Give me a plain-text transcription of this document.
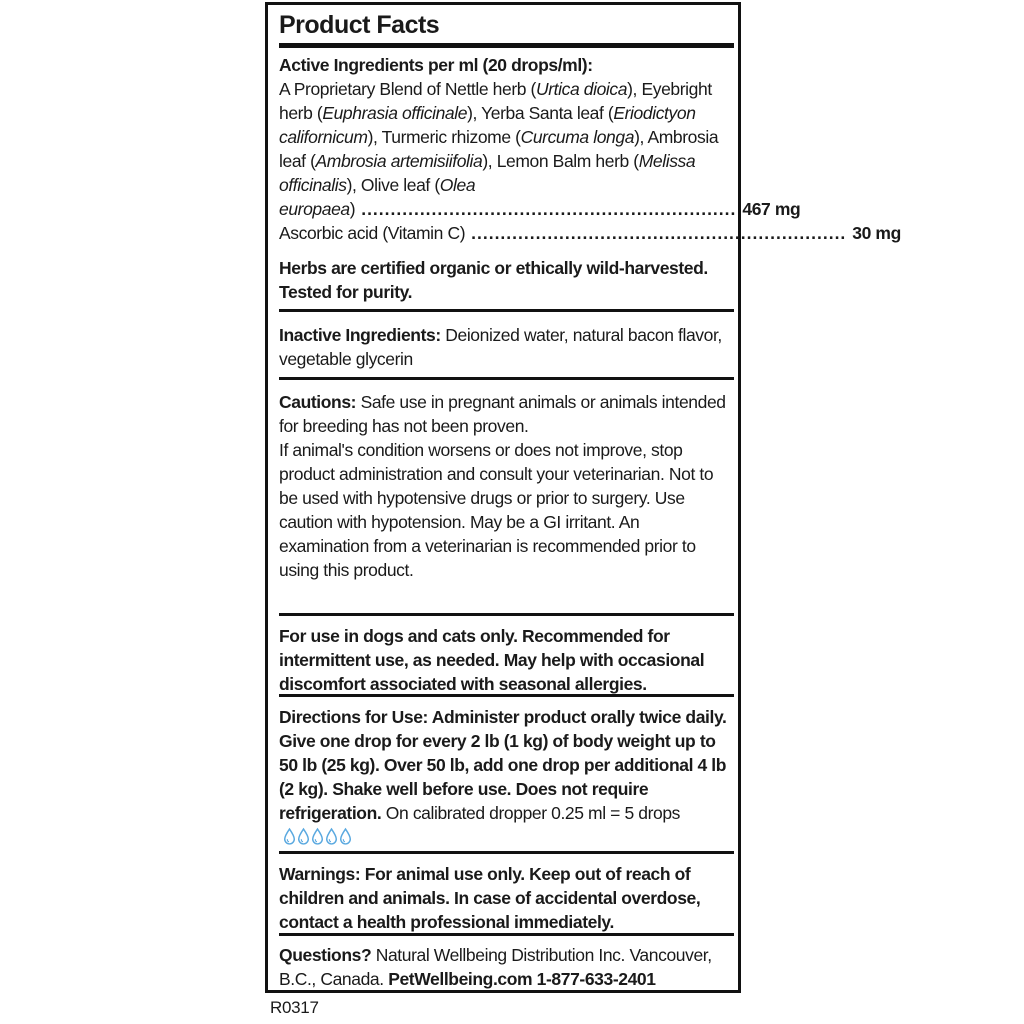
Product Facts

Active Ingredients per ml (20 drops/ml):

A Proprietary Blend of Nettle herb (Urtica dioica), Eyebright herb (Euphrasia officinale), Yerba Santa leaf (Eriodictyon californicum), Turmeric rhizome (Curcuma longa), Ambrosia leaf (Ambrosia artemisiifolia), Lemon Balm herb (Melissa officinalis), Olive leaf (Olea

europaea) ................................................................ 467 mg
Ascorbic acid (Vitamin C) ................................................................ 30 mg

Herbs are certified organic or ethically wild-harvested. Tested for purity.

Inactive Ingredients: Deionized water, natural bacon flavor, vegetable glycerin

Cautions: Safe use in pregnant animals or animals intended for breeding has not been proven.

If animal's condition worsens or does not improve, stop product administration and consult your veterinarian. Not to be used with hypotensive drugs or prior to surgery. Use caution with hypotension. May be a GI irritant. An examination from a veterinarian is recommended prior to using this product.

For use in dogs and cats only. Recommended for intermittent use, as needed. May help with occasional discomfort associated with seasonal allergies.

Directions for Use: Administer product orally twice daily. Give one drop for every 2 lb (1 kg) of body weight up to 50 lb (25 kg). Over 50 lb, add one drop per additional 4 lb (2 kg). Shake well before use. Does not require refrigeration. On calibrated dropper 0.25 ml = 5 drops

Warnings: For animal use only. Keep out of reach of children and animals. In case of accidental overdose, contact a health professional immediately.

Questions? Natural Wellbeing Distribution Inc. Vancouver, B.C., Canada. PetWellbeing.com 1-877-633-2401

R0317
